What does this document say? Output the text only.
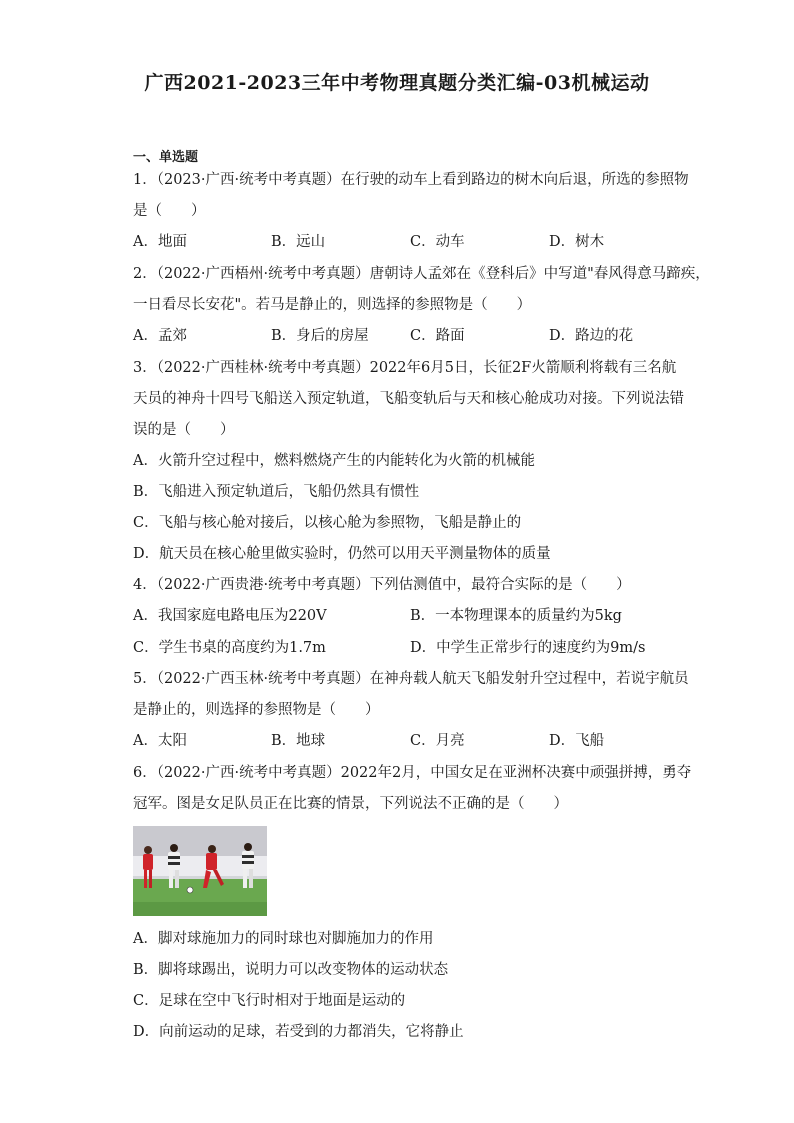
广西2021-2023三年中考物理真题分类汇编-03机械运动
一、单选题
1．（2023·广西·统考中考真题）在行驶的动车上看到路边的树木向后退，所选的参照物
是（　　）
A．地面	B．远山	C．动车	D．树木
2．（2022·广西梧州·统考中考真题）唐朝诗人孟郊在《登科后》中写道"春风得意马蹄疾，
一日看尽长安花"。若马是静止的，则选择的参照物是（　　）
A．孟郊	B．身后的房屋	C．路面	D．路边的花
3．（2022·广西桂林·统考中考真题）2022年6月5日，长征2F火箭顺利将载有三名航
天员的神舟十四号飞船送入预定轨道，飞船变轨后与天和核心舱成功对接。下列说法错
误的是（　　）
A．火箭升空过程中，燃料燃烧产生的内能转化为火箭的机械能
B．飞船进入预定轨道后，飞船仍然具有惯性
C．飞船与核心舱对接后，以核心舱为参照物，飞船是静止的
D．航天员在核心舱里做实验时，仍然可以用天平测量物体的质量
4．（2022·广西贵港·统考中考真题）下列估测值中，最符合实际的是（　　）
A．我国家庭电路电压为220V	B．一本物理课本的质量约为5kg
C．学生书桌的高度约为1.7m	D．中学生正常步行的速度约为9m/s
5．（2022·广西玉林·统考中考真题）在神舟载人航天飞船发射升空过程中，若说宇航员
是静止的，则选择的参照物是（　　）
A．太阳	B．地球	C．月亮	D．飞船
6．（2022·广西·统考中考真题）2022年2月，中国女足在亚洲杯决赛中顽强拼搏，勇夺
冠军。图是女足队员正在比赛的情景，下列说法不正确的是（　　）
A．脚对球施加力的同时球也对脚施加力的作用
B．脚将球踢出，说明力可以改变物体的运动状态
C．足球在空中飞行时相对于地面是运动的
D．向前运动的足球，若受到的力都消失，它将静止
